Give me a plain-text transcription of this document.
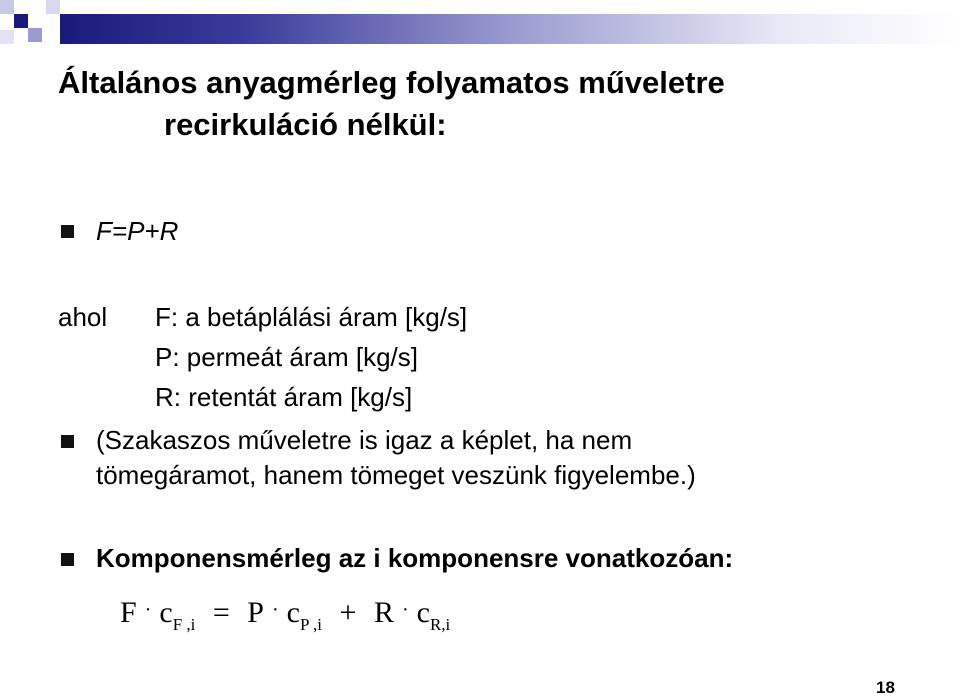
Általános anyagmérleg folyamatos műveletre
recirkuláció nélkül:
F=P+R
ahol F: a betáplálási áram [kg/s]
P: permeát áram [kg/s]
R: retentát áram [kg/s]
(Szakaszos műveletre is igaz a képlet, ha nem
tömegáramot, hanem tömeget veszünk figyelembe.)
Komponensmérleg az i komponensre vonatkozóan:
F · $c_{F ,i} = P$ · $c_{P ,i} + R$ · $c_{R,i}$
18
